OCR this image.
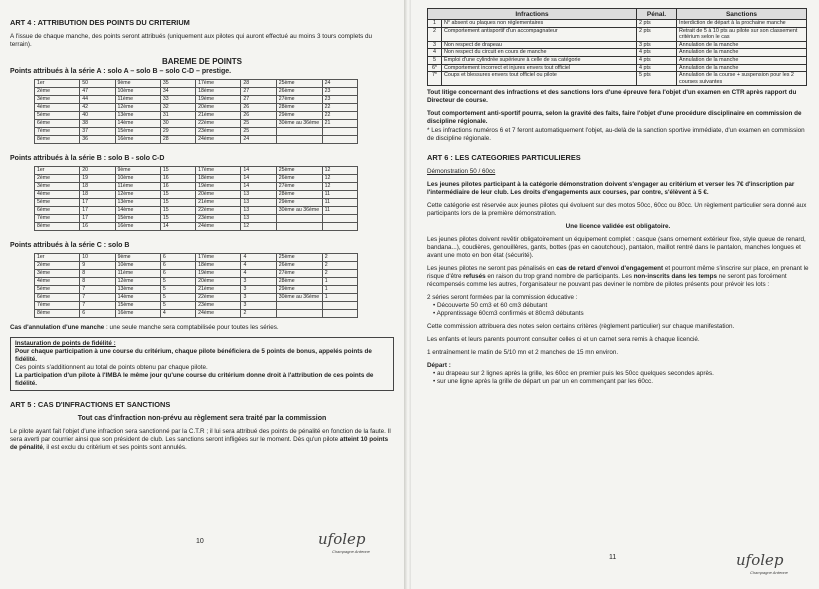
ART 4 : ATTRIBUTION DES POINTS DU CRITERIUM

A l'issue de chaque manche, des points seront attribués (uniquement aux pilotes qui auront effectué au moins 3 tours complets du terrain).

BAREME DE POINTS
Points attribués à la série A : solo A – solo B – solo C-D – prestige.
1er	50	9ème	35	17ème	28	25ème	24
2ème	47	10ème	34	18ème	27	26ème	23
3ème	44	11ème	33	19ème	27	27ème	23
4ème	42	12ème	32	20ème	26	28ème	22
5ème	40	13ème	31	21ème	26	29ème	22
6ème	38	14ème	30	22ème	25	30ème au 36ème	21
7ème	37	15ème	29	23ème	25		
8ème	36	16ème	28	24ème	24		
Points attribués à la série B : solo B - solo C-D
1er	20	9ème	15	17ème	14	25ème	12
2ème	19	10ème	16	18ème	14	26ème	12
3ème	18	11ème	16	19ème	14	27ème	12
4ème	18	12ème	15	20ème	13	28ème	11
5ème	17	13ème	15	21ème	13	29ème	11
6ème	17	14ème	15	22ème	13	30ème au 36ème	11
7ème	17	15ème	15	23ème	13		
8ème	16	16ème	14	24ème	12		
Points attribués à la série C : solo B
1er	10	9ème	6	17ème	4	25ème	2
2ème	9	10ème	6	18ème	4	26ème	2
3ème	8	11ème	6	19ème	4	27ème	2
4ème	8	12ème	5	20ème	3	28ème	1
5ème	7	13ème	5	21ème	3	29ème	1
6ème	7	14ème	5	22ème	3	30ème au 36ème	1
7ème	7	15ème	5	23ème	3		
8ème	6	16ème	4	24ème	2		

Cas d'annulation d'une manche : une seule manche sera comptabilisée pour toutes les séries.

Instauration de points de fidélité :
Pour chaque participation à une course du critérium, chaque pilote bénéficiera de 5 points de bonus, appelés points de fidélité.
Ces points s'additionnent au total de points obtenu par chaque pilote.
La participation d'un pilote à l'IMBA le même jour qu'une course du critérium donne droit à l'attribution de ces points de fidélité.
ART 5 : CAS D'INFRACTIONS ET SANCTIONS
Tout cas d'infraction non-prévu au règlement sera traité par la commission

Le pilote ayant fait l'objet d'une infraction sera sanctionné par la C.T.R ; il lui sera attribué des points de pénalité en fonction de la faute. Il sera averti par courrier ainsi que son président de club. Les sanctions seront infligées sur le moment. Dès qu'un pilote atteint 10 points de pénalité, il est exclu du critérium et ses points sont annulés.

10	ufolep
Champagne Ardenne
Infractions		Pénal.	Sanctions
1	N° absent ou plaques non réglementaires	2 pts	Interdiction de départ à la prochaine manche
2	Comportement antisportif d'un accompagnateur	2 pts	Retrait de 5 à 10 pts au pilote sur son classement critérium selon le cas
3	Non respect de drapeau	3 pts	Annulation de la manche
4	Non respect du circuit en cours de manche	4 pts	Annulation de la manche
5	Emploi d'une cylindrée supérieure à celle de sa catégorie	4 pts	Annulation de la manche
6*	Comportement incorrect et injures envers tout officiel	4 pts	Annulation de la manche
7*	Coups et blessures envers tout officiel ou pilote	5 pts	Annulation de la course + suspension pour les 2 courses suivantes

Tout litige concernant des infractions et des sanctions lors d'une épreuve fera l'objet d'un examen en CTR après rapport du Directeur de course.

Tout comportement anti-sportif pourra, selon la gravité des faits, faire l'objet d'une procédure disciplinaire en commission de discipline régionale.

* Les infractions numéros 6 et 7 feront automatiquement l'objet, au-delà de la sanction sportive immédiate, d'un examen en commission de discipline régionale.

ART 6 : LES CATEGORIES PARTICULIERES

Démonstration 50 / 60cc

Les jeunes pilotes participant à la catégorie démonstration doivent s'engager au critérium et verser les 7€ d'inscription par l'intermédiaire de leur club. Les droits d'engagements aux courses, par contre, s'élèvent à 5 €.

Cette catégorie est réservée aux jeunes pilotes qui évoluent sur des motos 50cc, 60cc ou 80cc. Un règlement particulier sera donné aux participants lors de la première démonstration.

Une licence validée est obligatoire.

Les jeunes pilotes doivent revêtir obligatoirement un équipement complet : casque (sans ornement extérieur fixe, style queue de renard, bandana...), coudières, genouillères, gants, bottes (pas en caoutchouc), pantalon, maillot rentré dans le pantalon, manches longues et avant une moto en bon état (sécurité).

Les jeunes pilotes ne seront pas pénalisés en cas de retard d'envoi d'engagement et pourront même s'inscrire sur place, en prenant le risque d'être refusés en raison du trop grand nombre de participants. Les non-inscrits dans les temps ne seront pas forcément récompensés comme les autres, l'organisateur ne pouvant pas deviner le nombre de pilotes présents pour prévoir les lots :

2 séries seront formées par la commission éducative :

• Découverte 50 cm3 et 60 cm3 débutant
• Apprentissage 60cm3 confirmés et 80cm3 débutants

Cette commission attribuera des notes selon certains critères (règlement particulier) sur chaque manifestation.

Les enfants et leurs parents pourront consulter celles ci et un carnet sera remis à chaque licencié.

1 entraînement le matin de 5/10 mn et 2 manches de 15 mn environ.

Départ :

• au drapeau sur 2 lignes après la grille, les 60cc en premier puis les 50cc quelques secondes après.
• sur une ligne après la grille de départ un par un en commençant par les 60cc.
11	ufolep
Champagne Ardenne
